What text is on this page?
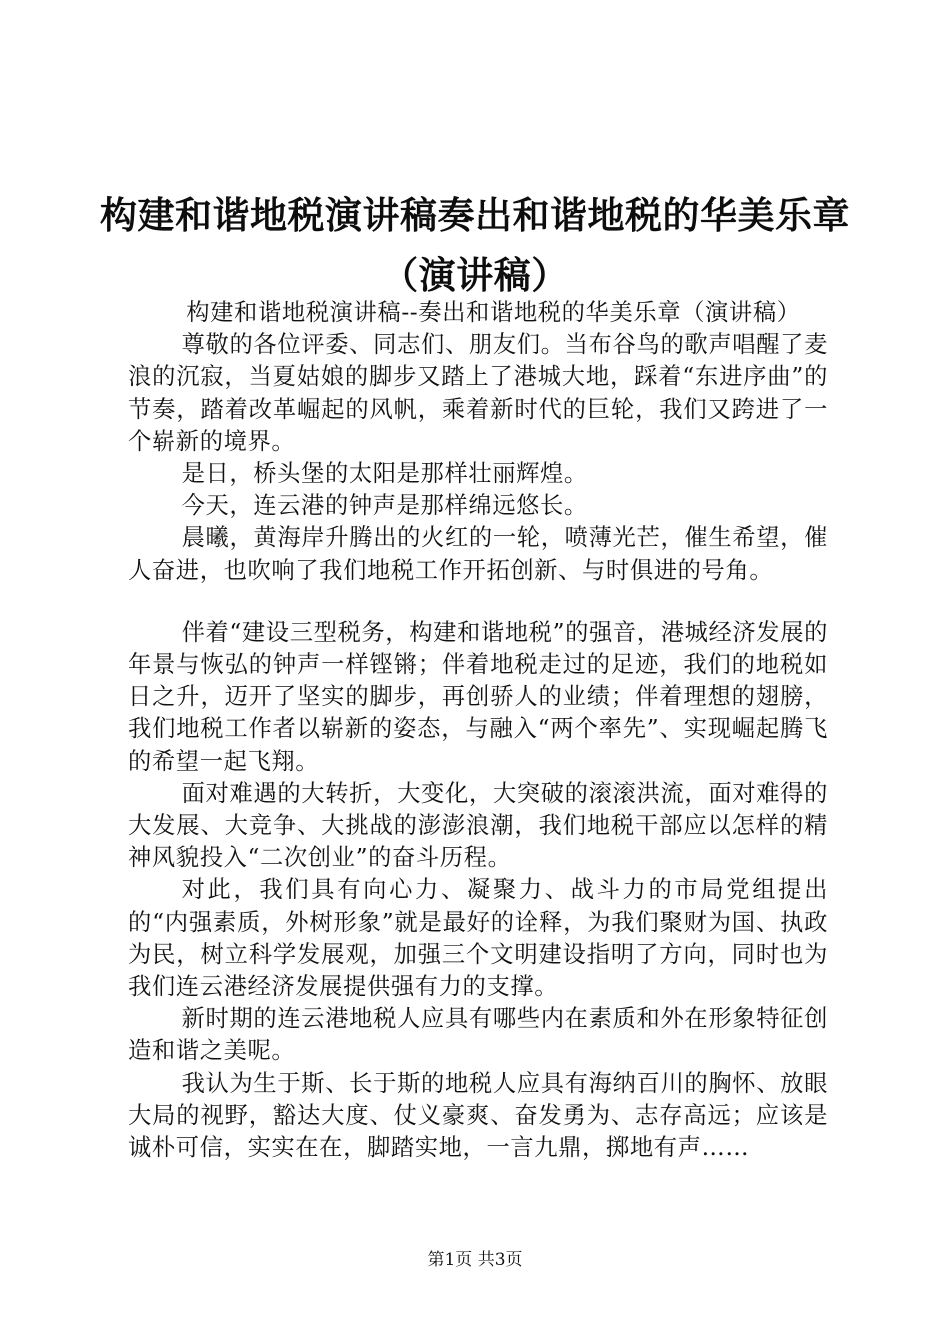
构建和谐地税演讲稿奏出和谐地税的华美乐章
（演讲稿）

构建和谐地税演讲稿--奏出和谐地税的华美乐章（演讲稿）

尊敬的各位评委、同志们、朋友们。当布谷鸟的歌声唱醒了麦浪的沉寂，当夏姑娘的脚步又踏上了港城大地，踩着“东进序曲”的节奏，踏着改革崛起的风帆，乘着新时代的巨轮，我们又跨进了一个崭新的境界。

是日，桥头堡的太阳是那样壮丽辉煌。

今天，连云港的钟声是那样绵远悠长。

晨曦，黄海岸升腾出的火红的一轮，喷薄光芒，催生希望，催人奋进，也吹响了我们地税工作开拓创新、与时俱进的号角。

伴着“建设三型税务，构建和谐地税”的强音，港城经济发展的年景与恢弘的钟声一样铿锵；伴着地税走过的足迹，我们的地税如日之升，迈开了坚实的脚步，再创骄人的业绩；伴着理想的翅膀，我们地税工作者以崭新的姿态，与融入“两个率先”、实现崛起腾飞的希望一起飞翔。

面对难遇的大转折，大变化，大突破的滚滚洪流，面对难得的大发展、大竞争、大挑战的澎澎浪潮，我们地税干部应以怎样的精神风貌投入“二次创业”的奋斗历程。

对此，我们具有向心力、凝聚力、战斗力的市局党组提出的“内强素质，外树形象”就是最好的诠释，为我们聚财为国、执政为民，树立科学发展观，加强三个文明建设指明了方向，同时也为我们连云港经济发展提供强有力的支撑。

新时期的连云港地税人应具有哪些内在素质和外在形象特征创造和谐之美呢。

我认为生于斯、长于斯的地税人应具有海纳百川的胸怀、放眼大局的视野，豁达大度、仗义豪爽、奋发勇为、志存高远；应该是诚朴可信，实实在在，脚踏实地，一言九鼎，掷地有声……

第1页 共3页
